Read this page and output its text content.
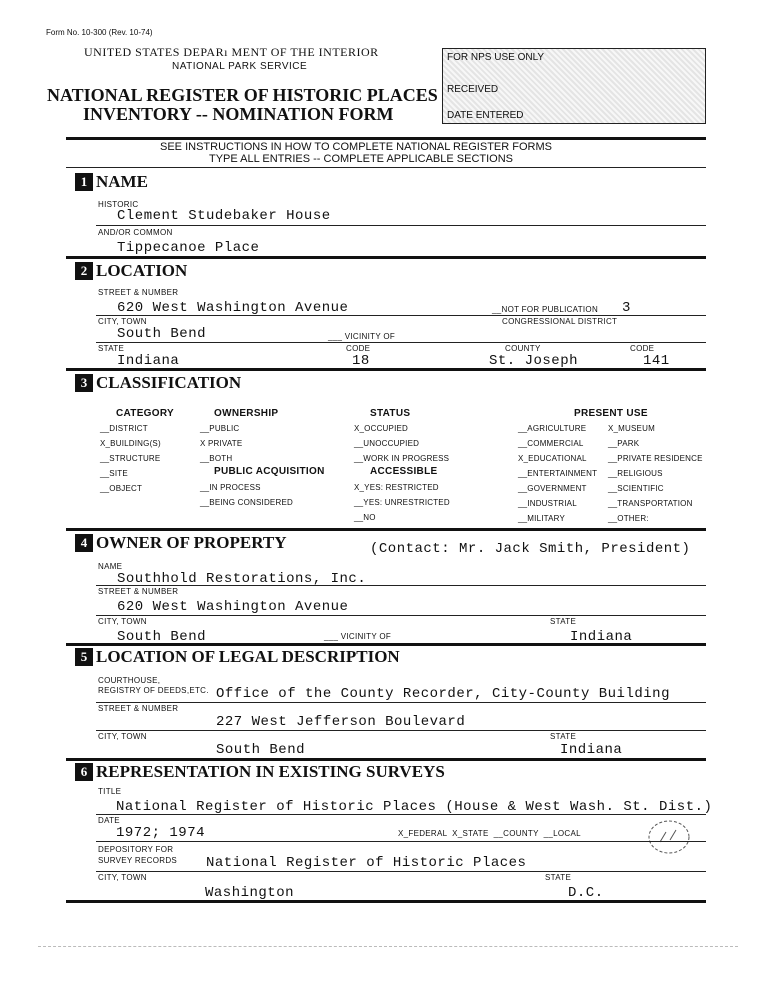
Form No. 10-300 (Rev. 10-74)
UNITED STATES DEPARı MENT OF THE INTERIOR
NATIONAL PARK SERVICE
NATIONAL REGISTER OF HISTORIC PLACES
INVENTORY -- NOMINATION FORM
FOR NPS USE ONLY
RECEIVED
DATE ENTERED
SEE INSTRUCTIONS IN HOW TO COMPLETE NATIONAL REGISTER FORMS
TYPE ALL ENTRIES -- COMPLETE APPLICABLE SECTIONS
1 NAME
HISTORIC
Clement Studebaker House
AND/OR COMMON
Tippecanoe Place
2 LOCATION
STREET & NUMBER
620 West Washington Avenue	__NOT FOR PUBLICATION 3
CITY, TOWN	CONGRESSIONAL DISTRICT
South Bend	___ VICINITY OF
STATE	CODE	COUNTY	CODE
Indiana	18	St. Joseph	141
3 CLASSIFICATION
CATEGORY	OWNERSHIP	STATUS	PRESENT USE
__DISTRICT
X_BUILDING(S)
__STRUCTURE
__SITE
__OBJECT
__PUBLIC
X PRIVATE
__BOTH
PUBLIC ACQUISITION
__IN PROCESS
__BEING CONSIDERED
X_OCCUPIED
__UNOCCUPIED
__WORK IN PROGRESS
ACCESSIBLE
X_YES: RESTRICTED
__YES: UNRESTRICTED
__NO
__AGRICULTURE
__COMMERCIAL
X_EDUCATIONAL
__ENTERTAINMENT
__GOVERNMENT
__INDUSTRIAL
__MILITARY
X_MUSEUM
__PARK
__PRIVATE RESIDENCE
__RELIGIOUS
__SCIENTIFIC
__TRANSPORTATION
__OTHER:
4 OWNER OF PROPERTY	(Contact: Mr. Jack Smith, President)
NAME
Southhold Restorations, Inc.
STREET & NUMBER
620 West Washington Avenue
CITY, TOWN	STATE
South Bend	___ VICINITY OF	Indiana
5 LOCATION OF LEGAL DESCRIPTION
COURTHOUSE,
REGISTRY OF DEEDS,ETC. Office of the County Recorder, City-County Building
STREET & NUMBER
227 West Jefferson Boulevard
CITY, TOWN	STATE
South Bend	Indiana
6 REPRESENTATION IN EXISTING SURVEYS
TITLE
National Register of Historic Places (House & West Wash. St. Dist.)
DATE
1972; 1974	X_FEDERAL  X_STATE  __COUNTY  __LOCAL
DEPOSITORY FOR
SURVEY RECORDS National Register of Historic Places
CITY, TOWN	STATE
Washington	D.C.
